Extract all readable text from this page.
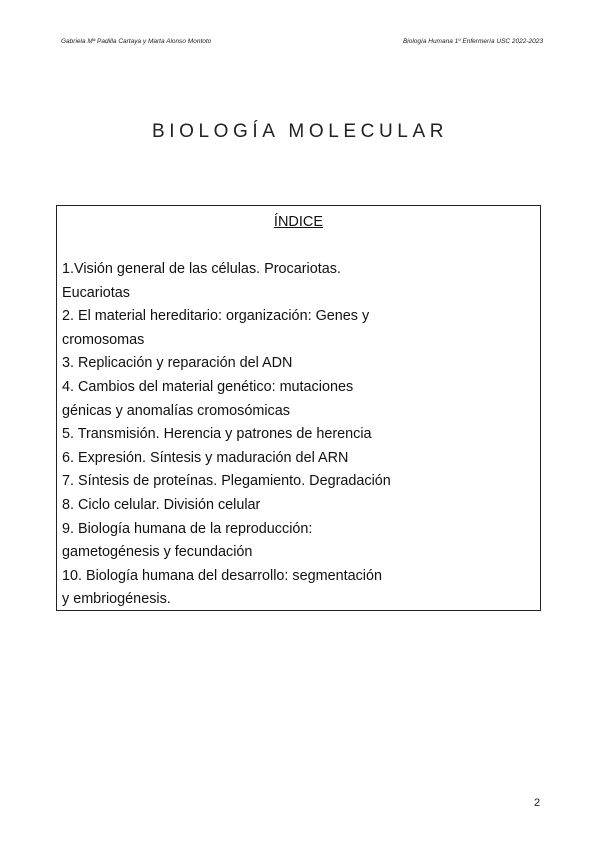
Gabriela Mª Padilla Cartaya y Marta Alonso Montoto	Biología Humana 1º Enfermería USC 2022-2023
BIOLOGÍA MOLECULAR
ÍNDICE
1.Visión general de las células. Procariotas.
Eucariotas
2. El material hereditario: organización: Genes y
cromosomas
3. Replicación y reparación del ADN
4. Cambios del material genético: mutaciones
génicas y anomalías cromosómicas
5. Transmisión. Herencia y patrones de herencia
6. Expresión. Síntesis y maduración del ARN
7. Síntesis de proteínas. Plegamiento. Degradación
8. Ciclo celular. División celular
9. Biología humana de la reproducción:
gametogénesis y fecundación
10. Biología humana del desarrollo: segmentación
y embriogénesis.
2
